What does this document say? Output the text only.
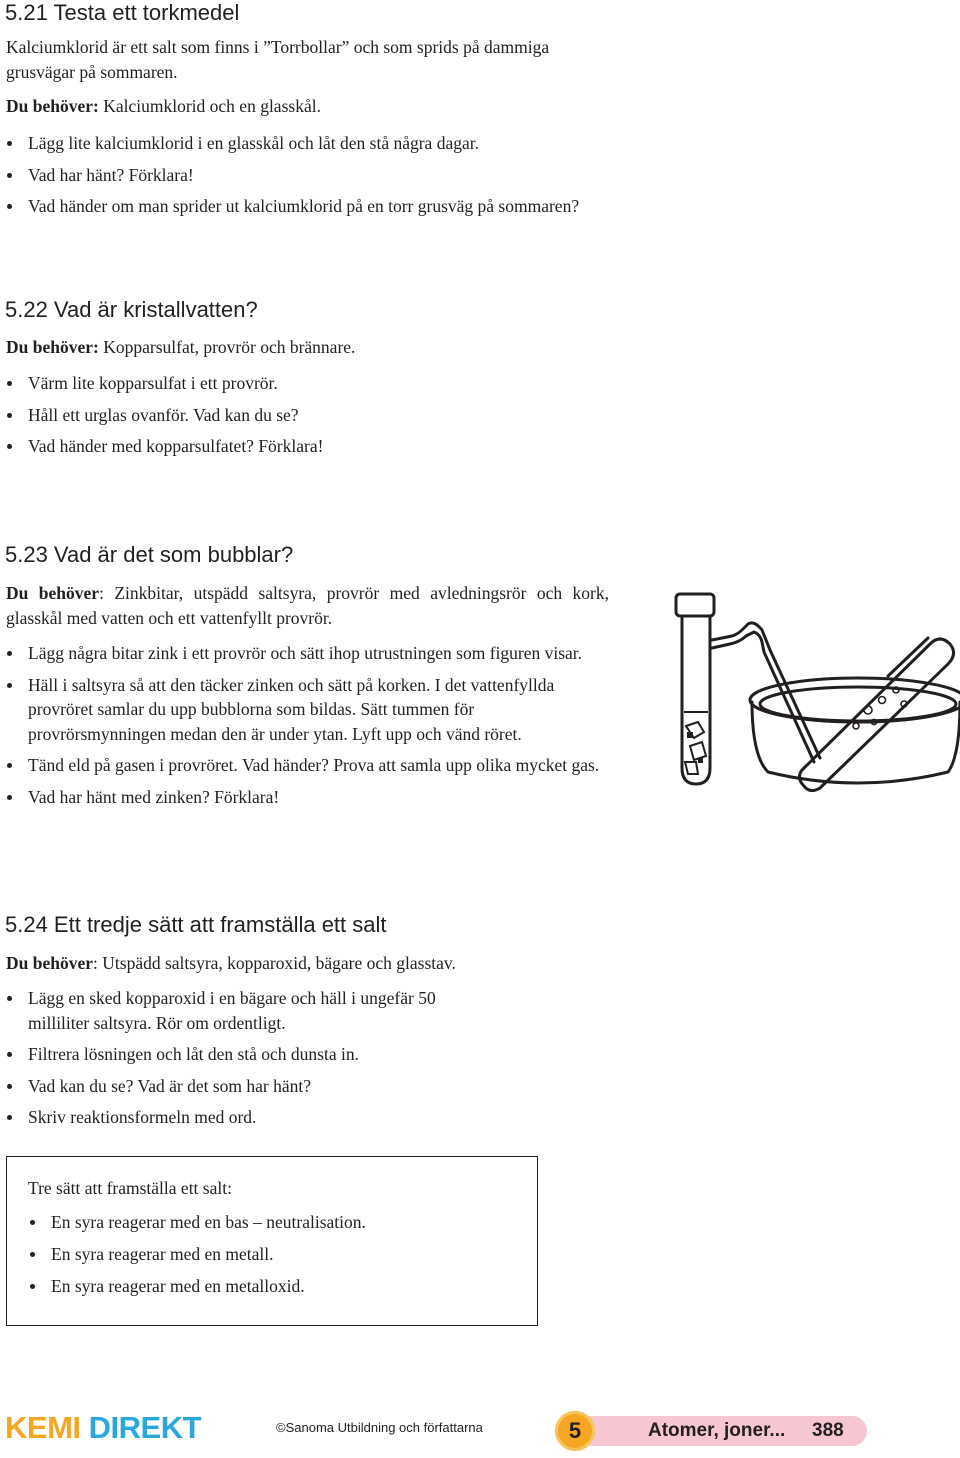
5.21 Testa ett torkmedel

Kalciumklorid är ett salt som finns i ”Torrbollar” och som sprids på dammiga grusvägar på sommaren.

Du behöver: Kalciumklorid och en glasskål.

Lägg lite kalciumklorid i en glasskål och låt den stå några dagar.
Vad har hänt? Förklara!
Vad händer om man sprider ut kalciumklorid på en torr grusväg på sommaren?
5.22 Vad är kristallvatten?

Du behöver: Kopparsulfat, provrör och brännare.

Värm lite kopparsulfat i ett provrör.
Håll ett urglas ovanför. Vad kan du se?
Vad händer med kopparsulfatet? Förklara!
5.23 Vad är det som bubblar?

Du behöver: Zinkbitar, utspädd saltsyra, provrör med avledningsrör och kork, glasskål med vatten och ett vattenfyllt provrör.

Lägg några bitar zink i ett provrör och sätt ihop utrustningen som figuren visar.
Häll i saltsyra så att den täcker zinken och sätt på korken. I det vattenfyllda provröret samlar du upp bubblorna som bildas. Sätt tummen för provrörsmynningen medan den är under ytan. Lyft upp och vänd röret.
Tänd eld på gasen i provröret. Vad händer? Prova att samla upp olika mycket gas.
Vad har hänt med zinken? Förklara!
5.24 Ett tredje sätt att framställa ett salt

Du behöver: Utspädd saltsyra, kopparoxid, bägare och glasstav.

Lägg en sked kopparoxid i en bägare och häll i ungefär 50 milliliter saltsyra. Rör om ordentligt.
Filtrera lösningen och låt den stå och dunsta in.
Vad kan du se? Vad är det som har hänt?
Skriv reaktionsformeln med ord.

Tre sätt att framställa ett salt:

En syra reagerar med en bas – neutralisation.
En syra reagerar med en metall.
En syra reagerar med en metalloxid.
KEMI DIREKT	©Sanoma Utbildning och författarna	5	Atomer, joner... 388
